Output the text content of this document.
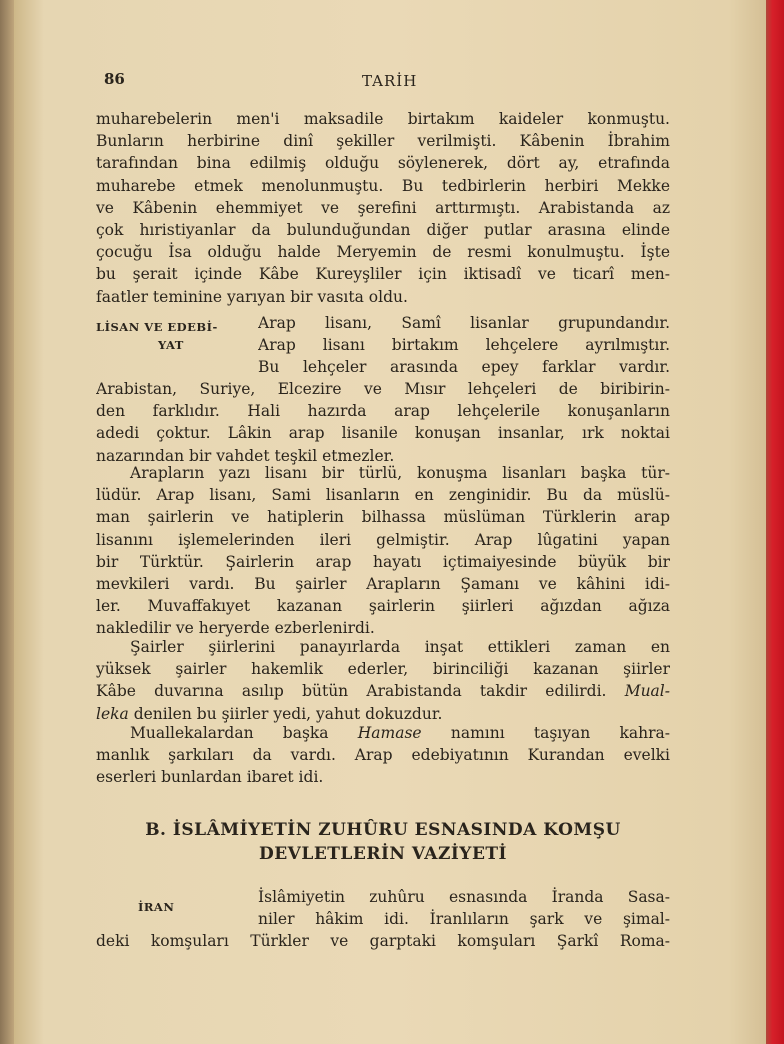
86	TARİH
muharebelerin men'i maksadile birtakım kaideler konmuştu.
Bunların herbirine dinî şekiller verilmişti. Kâbenin İbrahim
tarafından bina edilmiş olduğu söylenerek, dört ay, etrafında
muharebe etmek menolunmuştu. Bu tedbirlerin herbiri Mekke
ve Kâbenin ehemmiyet ve şerefini arttırmıştı. Arabistanda az
çok hıristiyanlar da bulunduğundan diğer putlar arasına elinde
çocuğu İsa olduğu halde Meryemin de resmi konulmuştu. İşte
bu şerait içinde Kâbe Kureyşliler için iktisadî ve ticarî men-
faatler teminine yarıyan bir vasıta oldu.
LİSAN VE EDEBİ-
YAT
Arap lisanı, Samî lisanlar grupundandır.
Arap lisanı birtakım lehçelere ayrılmıştır.
Bu lehçeler arasında epey farklar vardır.
Arabistan, Suriye, Elcezire ve Mısır lehçeleri de biribirin-
den farklıdır. Hali hazırda arap lehçelerile konuşanların
adedi çoktur. Lâkin arap lisanile konuşan insanlar, ırk noktai
nazarından bir vahdet teşkil etmezler.
Arapların yazı lisanı bir türlü, konuşma lisanları başka tür-
lüdür. Arap lisanı, Sami lisanların en zenginidir. Bu da müslü-
man şairlerin ve hatiplerin bilhassa müslüman Türklerin arap
lisanını işlemelerinden ileri gelmiştir. Arap lûgatini yapan
bir Türktür. Şairlerin arap hayatı içtimaiyesinde büyük bir
mevkileri vardı. Bu şairler Arapların Şamanı ve kâhini idi-
ler. Muvaffakıyet kazanan şairlerin şiirleri ağızdan ağıza
nakledilir ve heryerde ezberlenirdi.
Şairler şiirlerini panayırlarda inşat ettikleri zaman en
yüksek şairler hakemlik ederler, birinciliği kazanan şiirler
Kâbe duvarına asılıp bütün Arabistanda takdir edilirdi. Mual-
leka denilen bu şiirler yedi, yahut dokuzdur.
Muallekalardan başka Hamase namını taşıyan kahra-
manlık şarkıları da vardı. Arap edebiyatının Kurandan evelki
eserleri bunlardan ibaret idi.
B. İSLÂMİYETİN ZUHÛRU ESNASINDA KOMŞU
DEVLETLERİN VAZİYETİ
İRAN
İslâmiyetin zuhûru esnasında İranda Sasa-
niler hâkim idi. İranlıların şark ve şimal-
deki komşuları Türkler ve garptaki komşuları Şarkî Roma-
